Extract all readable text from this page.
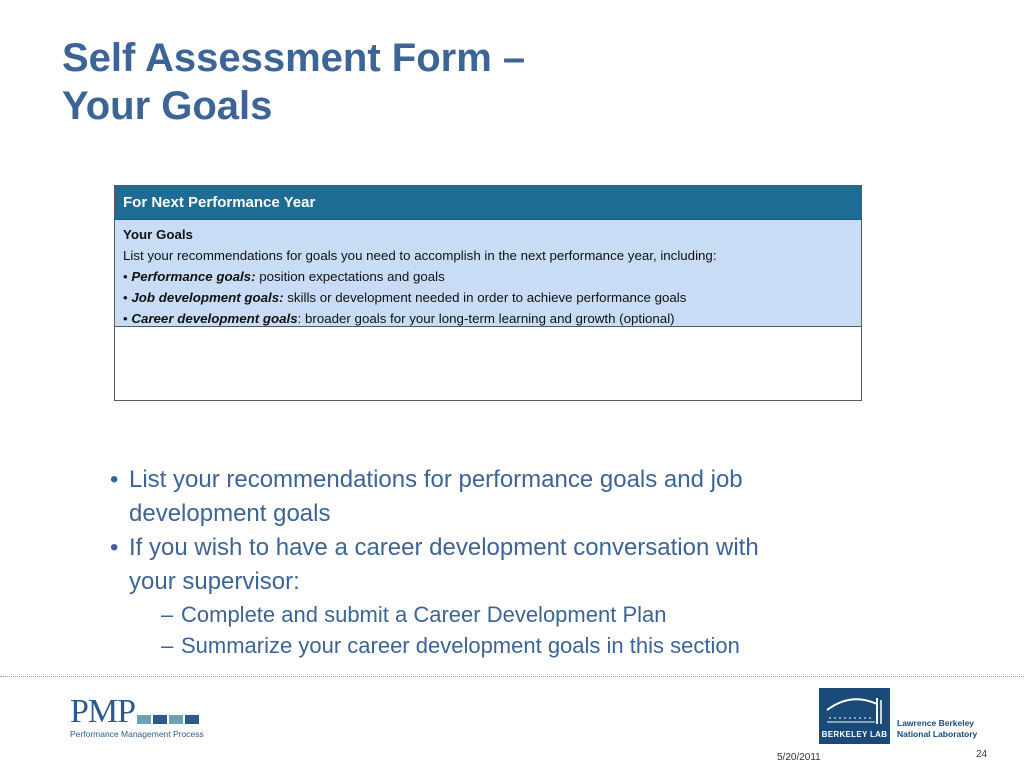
Self Assessment Form –
Your Goals
For Next Performance Year
Your Goals
List your recommendations for goals you need to accomplish in the next performance year, including:
• Performance goals: position expectations and goals
• Job development goals: skills or development needed in order to achieve performance goals
• Career development goals: broader goals for your long-term learning and growth (optional)
• List your recommendations for performance goals and job
development goals
• If you wish to have a career development conversation with
your supervisor:
– Complete and submit a Career Development Plan
– Summarize your career development goals in this section
PMP
Performance Management Process	BERKELEY LAB
Lawrence Berkeley
National Laboratory
5/20/2011	24
